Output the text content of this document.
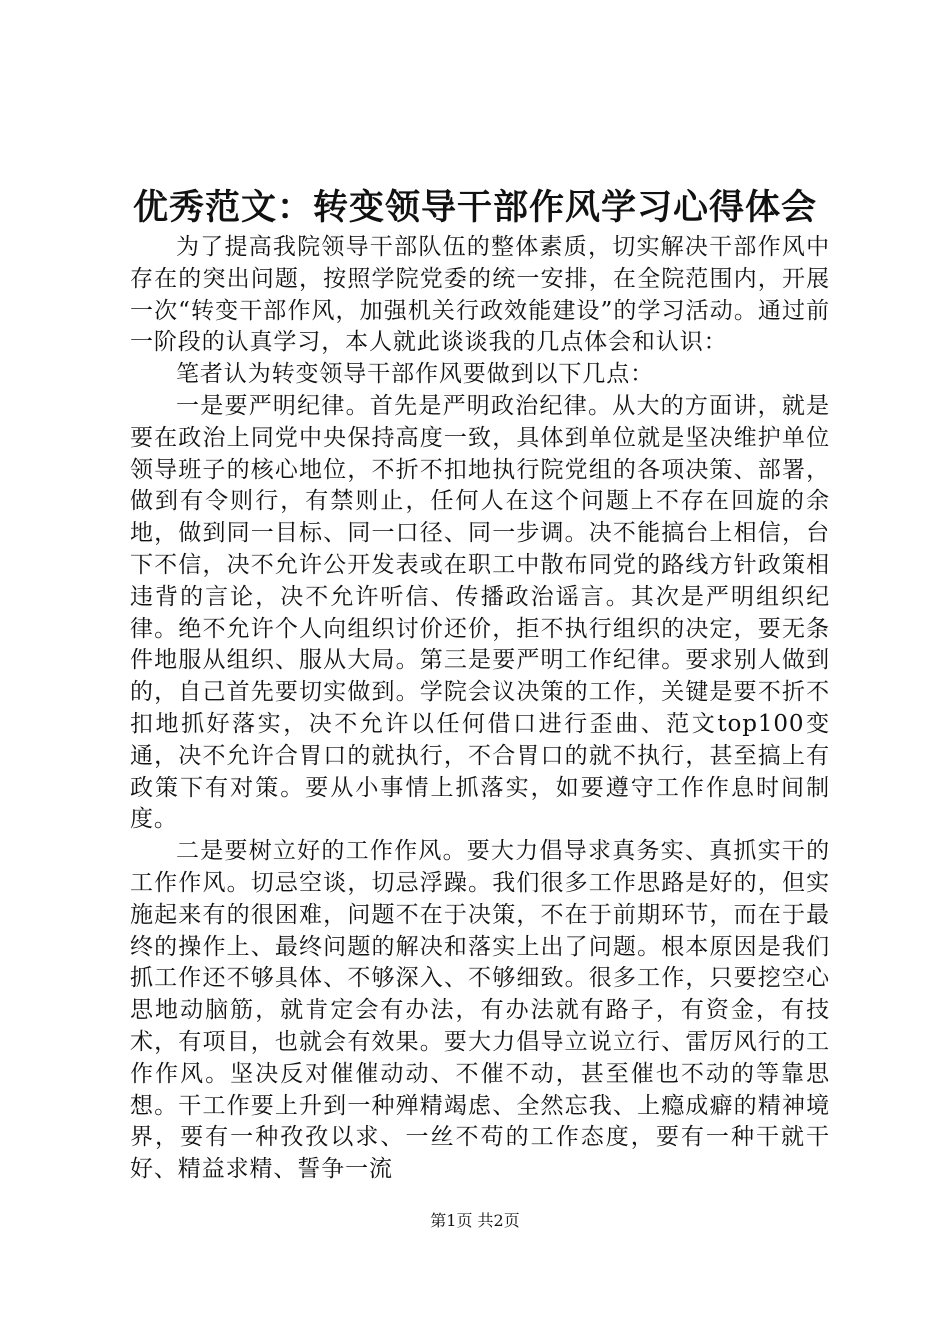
优秀范文：转变领导干部作风学习心得体会

为了提高我院领导干部队伍的整体素质，切实解决干部作风中存在的突出问题，按照学院党委的统一安排，在全院范围内，开展一次“转变干部作风，加强机关行政效能建设”的学习活动。通过前一阶段的认真学习，本人就此谈谈我的几点体会和认识：

笔者认为转变领导干部作风要做到以下几点：

一是要严明纪律。首先是严明政治纪律。从大的方面讲，就是要在政治上同党中央保持高度一致，具体到单位就是坚决维护单位领导班子的核心地位，不折不扣地执行院党组的各项决策、部署，做到有令则行，有禁则止，任何人在这个问题上不存在回旋的余地，做到同一目标、同一口径、同一步调。决不能搞台上相信，台下不信，决不允许公开发表或在职工中散布同党的路线方针政策相违背的言论，决不允许听信、传播政治谣言。其次是严明组织纪律。绝不允许个人向组织讨价还价，拒不执行组织的决定，要无条件地服从组织、服从大局。第三是要严明工作纪律。要求别人做到的，自己首先要切实做到。学院会议决策的工作，关键是要不折不扣地抓好落实，决不允许以任何借口进行歪曲、范文top100变通，决不允许合胃口的就执行，不合胃口的就不执行，甚至搞上有政策下有对策。要从小事情上抓落实，如要遵守工作作息时间制度。

二是要树立好的工作作风。要大力倡导求真务实、真抓实干的工作作风。切忌空谈，切忌浮躁。我们很多工作思路是好的，但实施起来有的很困难，问题不在于决策，不在于前期环节，而在于最终的操作上、最终问题的解决和落实上出了问题。根本原因是我们抓工作还不够具体、不够深入、不够细致。很多工作，只要挖空心思地动脑筋，就肯定会有办法，有办法就有路子，有资金，有技术，有项目，也就会有效果。要大力倡导立说立行、雷厉风行的工作作风。坚决反对催催动动、不催不动，甚至催也不动的等靠思想。干工作要上升到一种殚精竭虑、全然忘我、上瘾成癖的精神境界，要有一种孜孜以求、一丝不苟的工作态度，要有一种干就干好、精益求精、誓争一流

第1页 共2页
